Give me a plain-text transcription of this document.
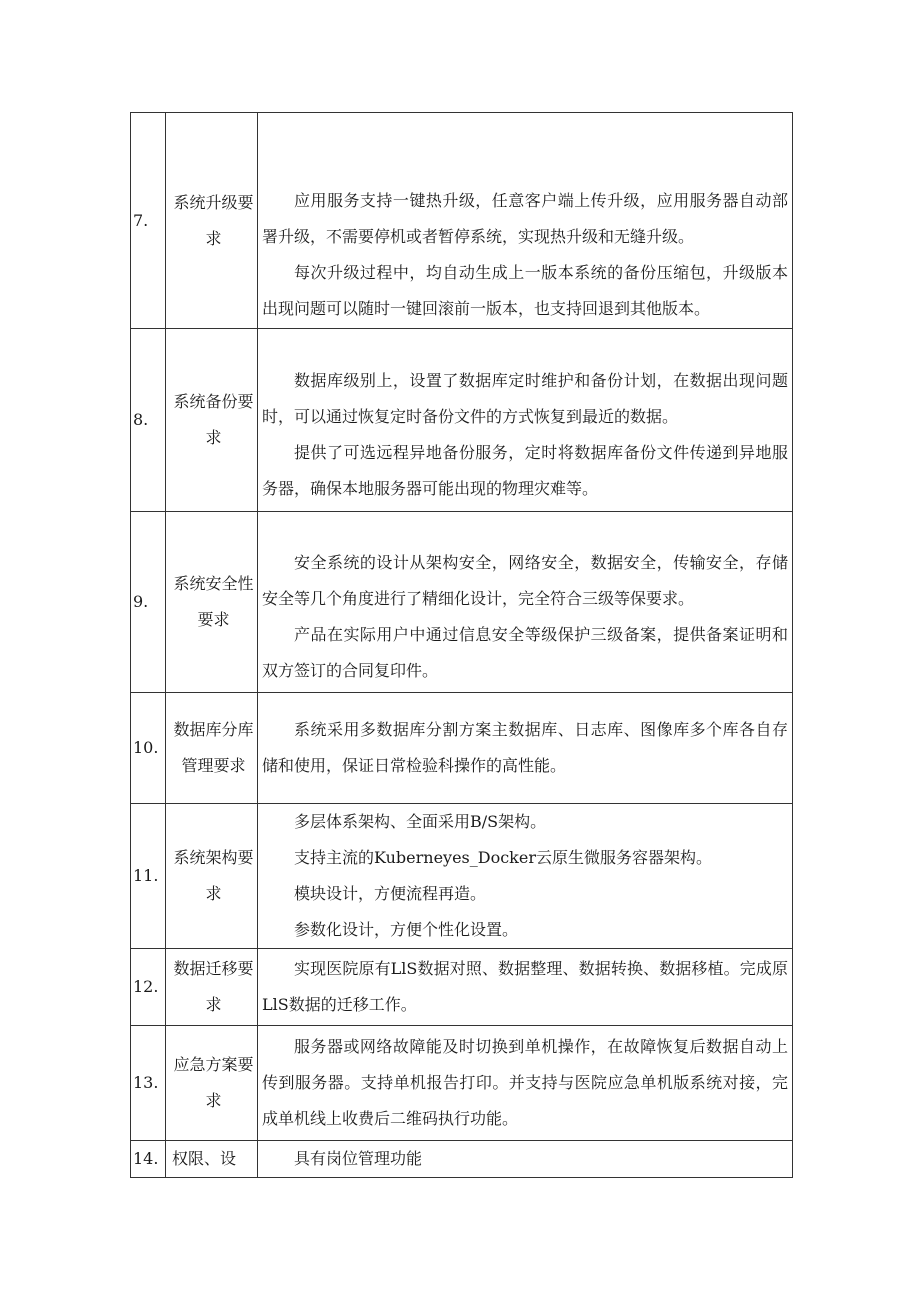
7.	系统升级要求	应用服务支持一键热升级，任意客户端上传升级，应用服务器自动部署升级，不需要停机或者暂停系统，实现热升级和无缝升级。

每次升级过程中，均自动生成上一版本系统的备份压缩包，升级版本出现问题可以随时一键回滚前一版本，也支持回退到其他版本。

8.	系统备份要求	数据库级别上，设置了数据库定时维护和备份计划，在数据出现问题时，可以通过恢复定时备份文件的方式恢复到最近的数据。

提供了可选远程异地备份服务，定时将数据库备份文件传递到异地服务器，确保本地服务器可能出现的物理灾难等。

9.	系统安全性要求	安全系统的设计从架构安全，网络安全，数据安全，传输安全，存储安全等几个角度进行了精细化设计，完全符合三级等保要求。

产品在实际用户中通过信息安全等级保护三级备案，提供备案证明和双方签订的合同复印件。

10.	数据库分库管理要求	系统采用多数据库分割方案主数据库、日志库、图像库多个库各自存储和使用，保证日常检验科操作的高性能。

11.	系统架构要求	多层体系架构、全面采用B/S架构。

支持主流的Kuberneyes_Docker云原生微服务容器架构。

模块设计，方便流程再造。

参数化设计，方便个性化设置。

12.	数据迁移要求	实现医院原有LlS数据对照、数据整理、数据转换、数据移植。完成原LlS数据的迁移工作。

13.	应急方案要求	服务器或网络故障能及时切换到单机操作，在故障恢复后数据自动上传到服务器。支持单机报告打印。并支持与医院应急单机版系统对接，完成单机线上收费后二维码执行功能。

14.	权限、设	具有岗位管理功能
